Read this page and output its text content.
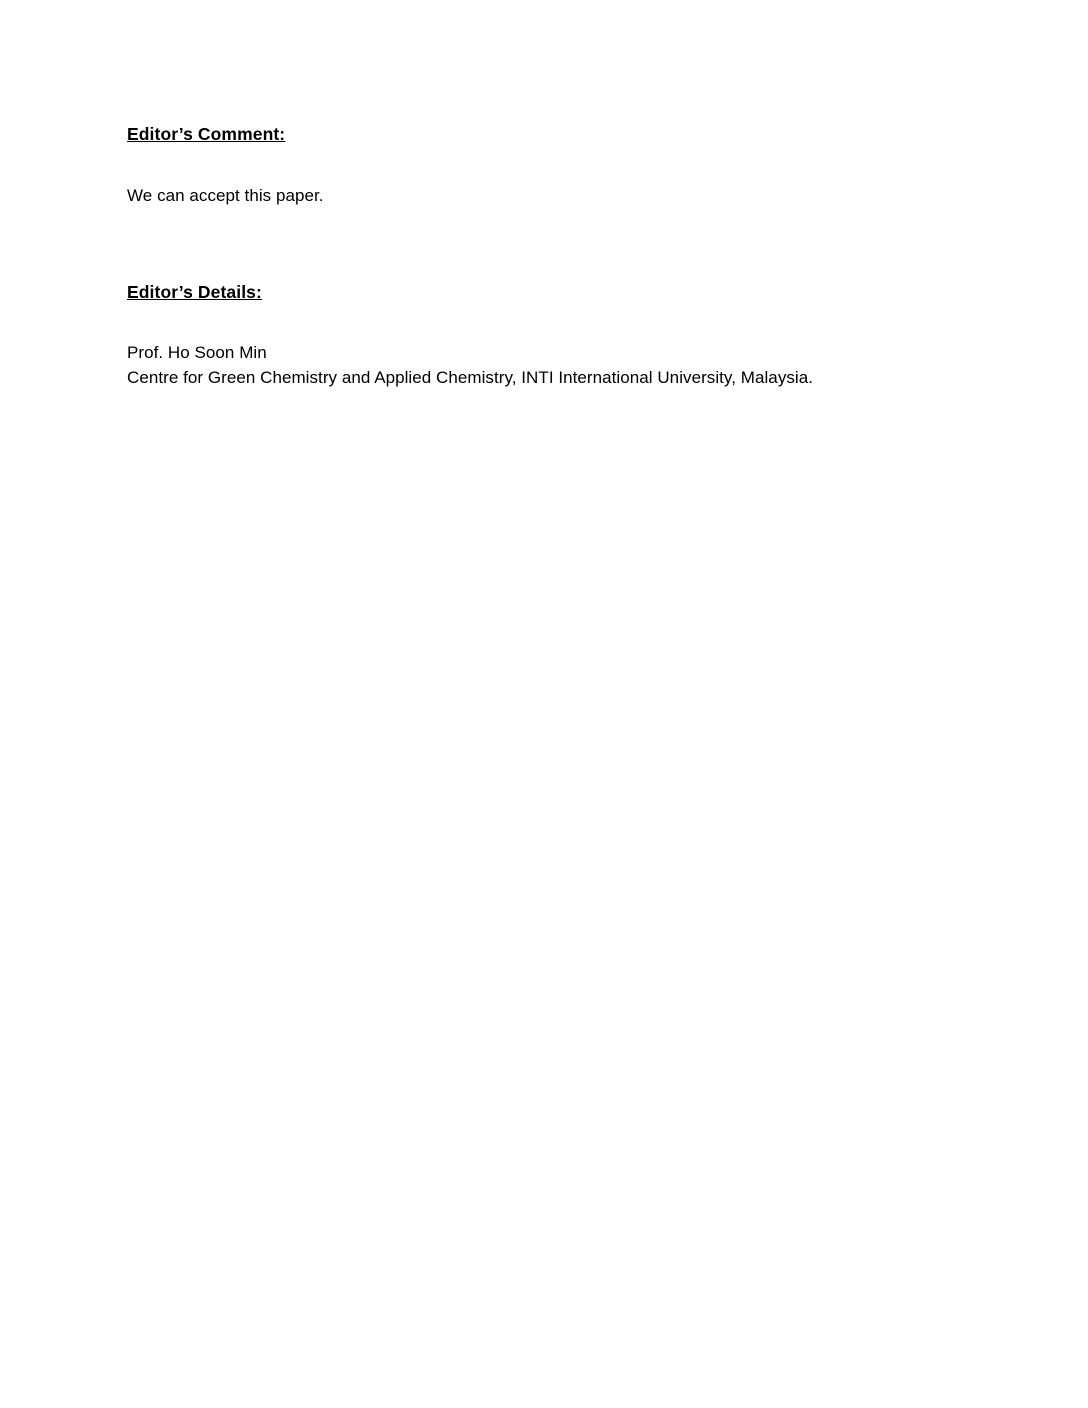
Editor’s Comment:
We can accept this paper.
Editor’s Details:
Prof. Ho Soon Min
Centre for Green Chemistry and Applied Chemistry, INTI International University, Malaysia.
